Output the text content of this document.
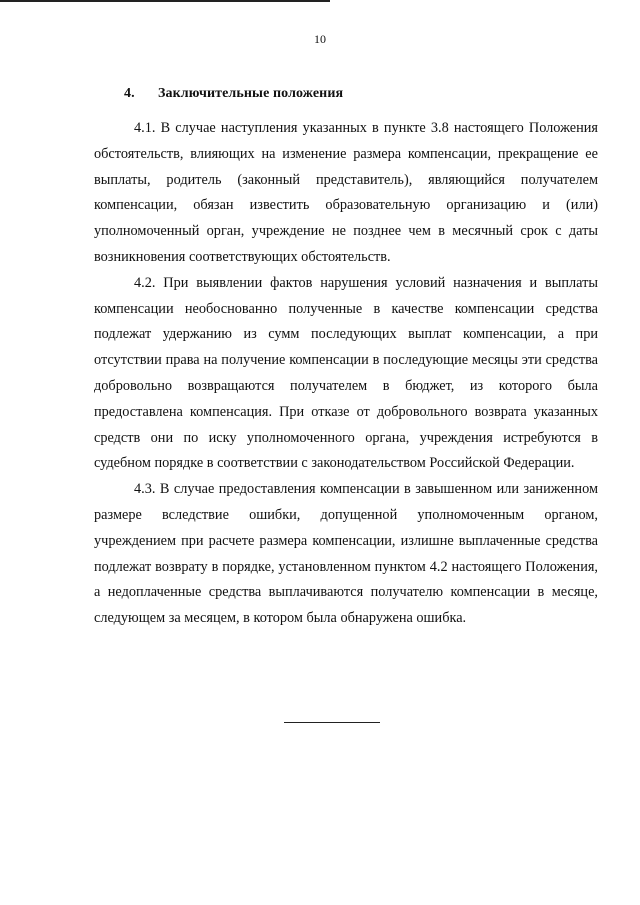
10
4. Заключительные положения

4.1. В случае наступления указанных в пункте 3.8 настоящего Положения обстоятельств, влияющих на изменение размера компенсации, прекращение ее выплаты, родитель (законный представитель), являющийся получателем компенсации, обязан известить образовательную организацию и (или) уполномоченный орган, учреждение не позднее чем в месячный срок с даты возникновения соответствующих обстоятельств.

4.2. При выявлении фактов нарушения условий назначения и выплаты компенсации необоснованно полученные в качестве компенсации средства подлежат удержанию из сумм последующих выплат компенсации, а при отсутствии права на получение компенсации в последующие месяцы эти средства добровольно возвращаются получателем в бюджет, из которого была предоставлена компенсация. При отказе от добровольного возврата указанных средств они по иску уполномоченного органа, учреждения истребуются в судебном порядке в соответствии с законодательством Российской Федерации.

4.3. В случае предоставления компенсации в завышенном или заниженном размере вследствие ошибки, допущенной уполномоченным органом, учреждением при расчете размера компенсации, излишне выплаченные средства подлежат возврату в порядке, установленном пунктом 4.2 настоящего Положения, а недоплаченные средства выплачиваются получателю компенсации в месяце, следующем за месяцем, в котором была обнаружена ошибка.
